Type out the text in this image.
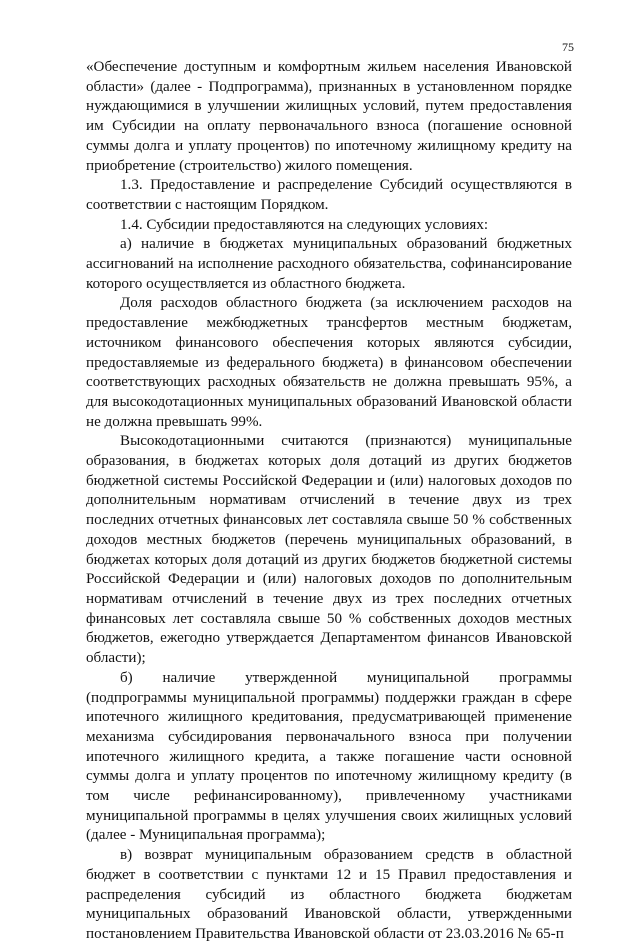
75

«Обеспечение доступным и комфортным жильем населения Ивановской области» (далее - Подпрограмма), признанных в установленном порядке нуждающимися в улучшении жилищных условий, путем предоставления им Субсидии на оплату первоначального взноса (погашение основной суммы долга и уплату процентов) по ипотечному жилищному кредиту на приобретение (строительство) жилого помещения.

1.3. Предоставление и распределение Субсидий осуществляются в соответствии с настоящим Порядком.

1.4. Субсидии предоставляются на следующих условиях:

а) наличие в бюджетах муниципальных образований бюджетных ассигнований на исполнение расходного обязательства, софинансирование которого осуществляется из областного бюджета.

Доля расходов областного бюджета (за исключением расходов на предоставление межбюджетных трансфертов местным бюджетам, источником финансового обеспечения которых являются субсидии, предоставляемые из федерального бюджета) в финансовом обеспечении соответствующих расходных обязательств не должна превышать 95%, а для высокодотационных муниципальных образований Ивановской области не должна превышать 99%.

Высокодотационными считаются (признаются) муниципальные образования, в бюджетах которых доля дотаций из других бюджетов бюджетной системы Российской Федерации и (или) налоговых доходов по дополнительным нормативам отчислений в течение двух из трех последних отчетных финансовых лет составляла свыше 50 % собственных доходов местных бюджетов (перечень муниципальных образований, в бюджетах которых доля дотаций из других бюджетов бюджетной системы Российской Федерации и (или) налоговых доходов по дополнительным нормативам отчислений в течение двух из трех последних отчетных финансовых лет составляла свыше 50 % собственных доходов местных бюджетов, ежегодно утверждается Департаментом финансов Ивановской области);

б) наличие утвержденной муниципальной программы (подпрограммы муниципальной программы) поддержки граждан в сфере ипотечного жилищного кредитования, предусматривающей применение механизма субсидирования первоначального взноса при получении ипотечного жилищного кредита, а также погашение части основной суммы долга и уплату процентов по ипотечному жилищному кредиту (в том числе рефинансированному), привлеченному участниками муниципальной программы в целях улучшения своих жилищных условий (далее - Муниципальная программа);

в) возврат муниципальным образованием средств в областной бюджет в соответствии с пунктами 12 и 15 Правил предоставления и распределения субсидий из областного бюджета бюджетам муниципальных образований Ивановской области, утвержденными постановлением Правительства Ивановской области от 23.03.2016 № 65-п
